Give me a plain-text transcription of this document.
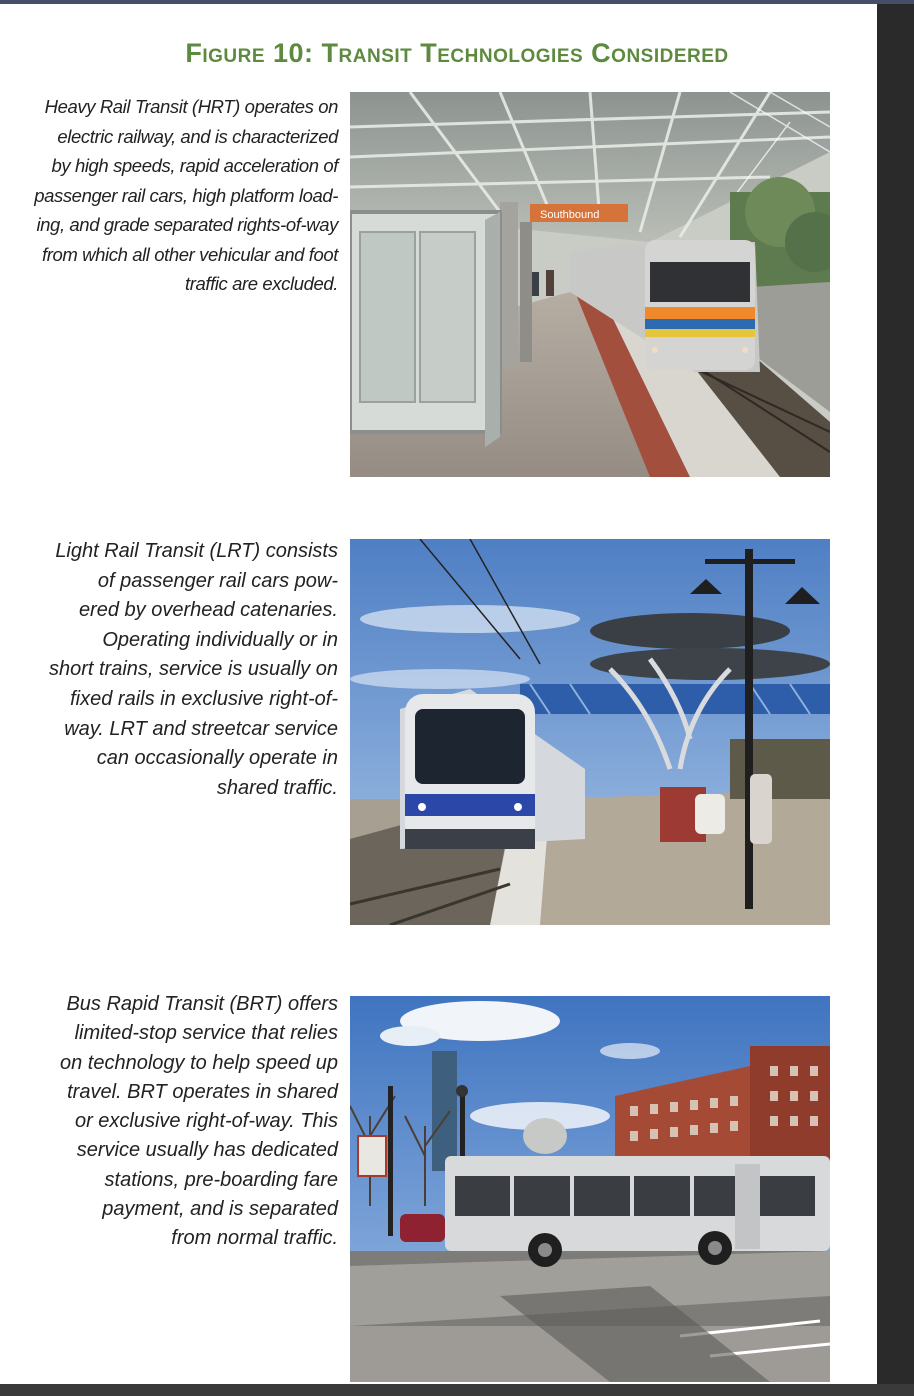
Figure 10: Transit Technologies Considered
Heavy Rail Transit (HRT) operates on
electric railway, and is characterized
by high speeds, rapid acceleration of
passenger rail cars, high platform load-
ing, and grade separated rights-of-way
from which all other vehicular and foot
traffic are excluded.
Southbound
Light Rail Transit (LRT) consists
of passenger rail cars pow-
ered by overhead catenaries.
Operating individually or in
short trains, service is usually on
fixed rails in exclusive right-of-
way. LRT and streetcar service
can occasionally operate in
shared traffic.
Bus Rapid Transit (BRT) offers
limited-stop service that relies
on technology to help speed up
travel. BRT operates in shared
or exclusive right-of-way. This
service usually has dedicated
stations, pre-boarding fare
payment, and is separated
from normal traffic.
